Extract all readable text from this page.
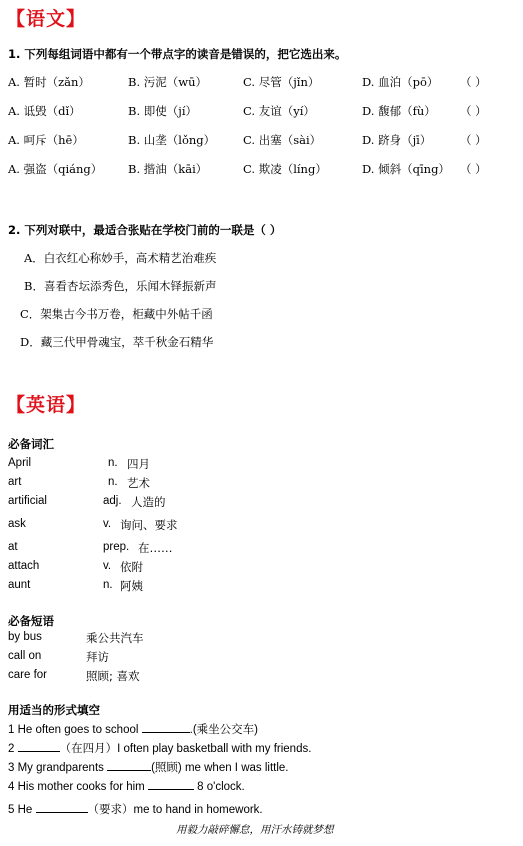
【语文】
1. 下列每组词语中都有一个带点字的读音是错误的，把它选出来。
A. 暂时（zǎn）	B. 污泥（wū）	C. 尽管（jǐn）	D. 血泊（pō） （ ）
A. 诋毁（dǐ）	B. 即使（jí）	C. 友谊（yí）	D. 馥郁（fù） （ ）
A. 呵斥（hē）	B. 山垄（lǒng） C. 出塞（sài）	D. 跻身（jī） （ ）
A. 强盗（qiáng） B. 揩油（kāi）	C. 欺凌（líng）	D. 倾斜（qīng） （ ）
2. 下列对联中，最适合张贴在学校门前的一联是（ ）
A．白衣红心称妙手，高术精艺治难疾
B．喜看杏坛添秀色，乐闻木铎振新声
C．架集古今书万卷，柜藏中外帖千函
D．藏三代甲骨魂宝，萃千秋金石精华
【英语】
必备词汇
April	n. 四月
art	n. 艺术
artificial	adj. 人造的
ask	v. 询问、要求
at	prep. 在……
attach	v. 依附
aunt	n. 阿姨
必备短语
by bus	乘公共汽车
call on	拜访
care for	照顾; 喜欢
用适当的形式填空
1 He often goes to school	.(乘坐公交车)
2	（在四月）I often play basketball with my friends.
3 My grandparents	(照顾) me when I was little.
4 His mother cooks for him	8 o'clock.
5 He	（要求）me to hand in homework.
用毅力敲碎懈怠，用汗水铸就梦想
